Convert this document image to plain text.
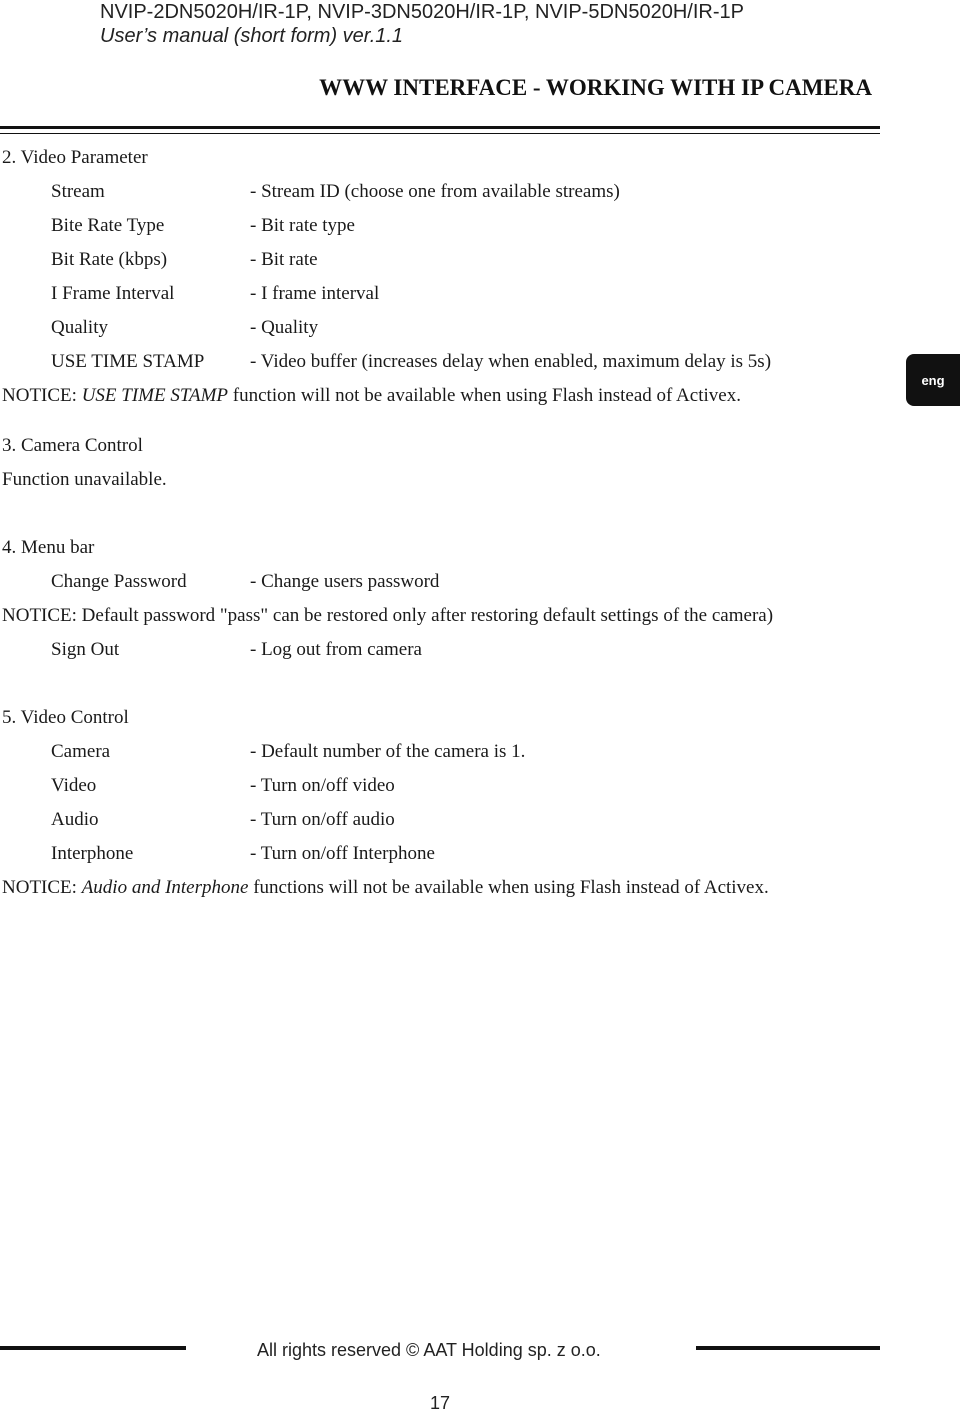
NVIP-2DN5020H/IR-1P, NVIP-3DN5020H/IR-1P, NVIP-5DN5020H/IR-1P
User’s manual (short form) ver.1.1
WWW INTERFACE - WORKING WITH IP CAMERA
eng
2. Video Parameter
Stream	- Stream ID (choose one from available streams)
Bite Rate Type	- Bit rate type
Bit Rate (kbps)	- Bit rate
I Frame Interval	- I frame interval
Quality	- Quality
USE TIME STAMP - Video buffer (increases delay when enabled, maximum delay is 5s)
NOTICE: USE TIME STAMP function will not be available when using Flash instead of Activex.
3. Camera Control
Function unavailable.
4. Menu bar
Change Password	- Change users password
NOTICE: Default password "pass" can be restored only after restoring default settings of the camera)
Sign Out	- Log out from camera
5. Video Control
Camera	- Default number of the camera is 1.
Video	- Turn on/off video
Audio	- Turn on/off audio
Interphone	- Turn on/off Interphone
NOTICE: Audio and Interphone functions will not be available when using Flash instead of Activex.
All rights reserved © AAT Holding sp. z o.o.
17
